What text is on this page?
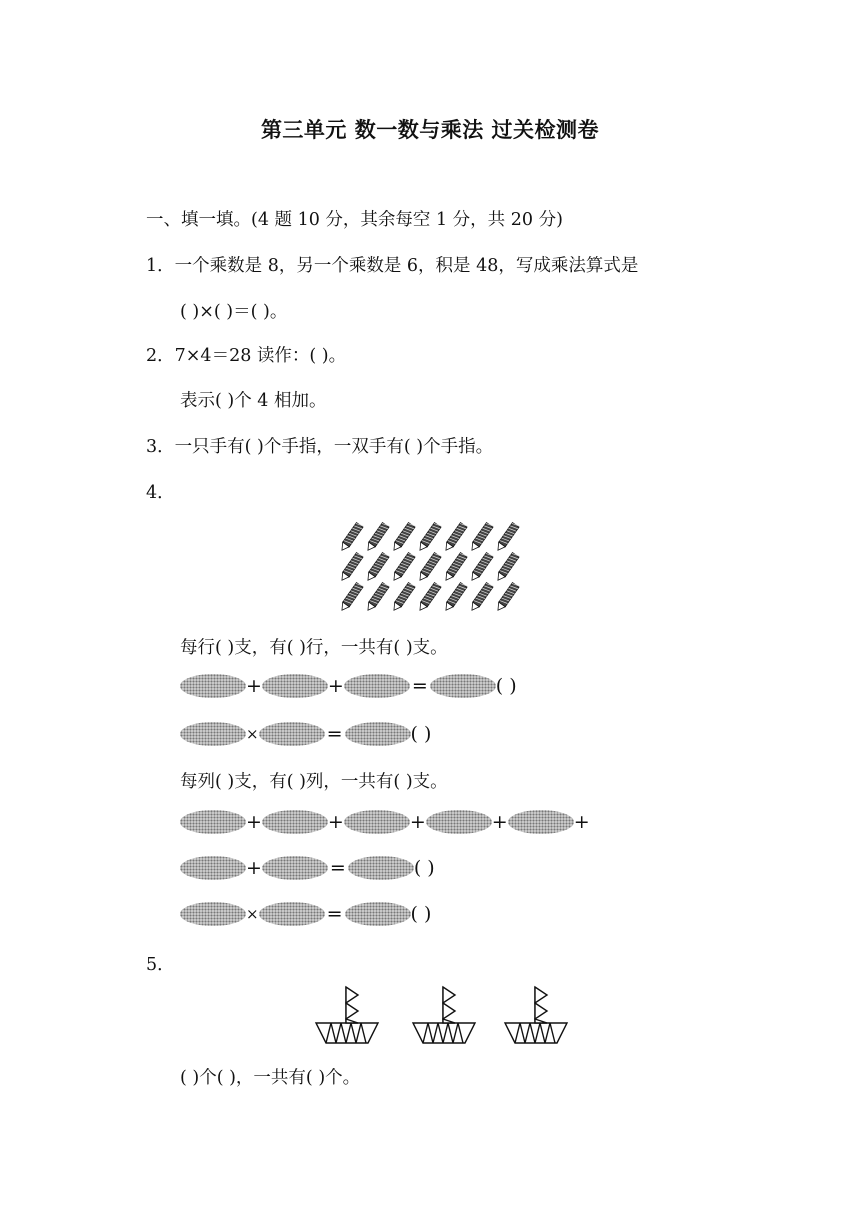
第三单元 数一数与乘法 过关检测卷
一、填一填。(4 题 10 分，其余每空 1 分，共 20 分)
1．一个乘数是 8，另一个乘数是 6，积是 48，写成乘法算式是
( )×( )＝( )。
2．7×4＝28 读作：( )。
表示( )个 4 相加。
3．一只手有( )个手指，一双手有( )个手指。
4．
每行( )支，有( )行，一共有( )支。
+	+	=	( )
×	=	( )
每列( )支，有( )列，一共有( )支。
+	+	+	+	+
+	=	( )
×	=	( )
5．
( )个( )，一共有( )个。
